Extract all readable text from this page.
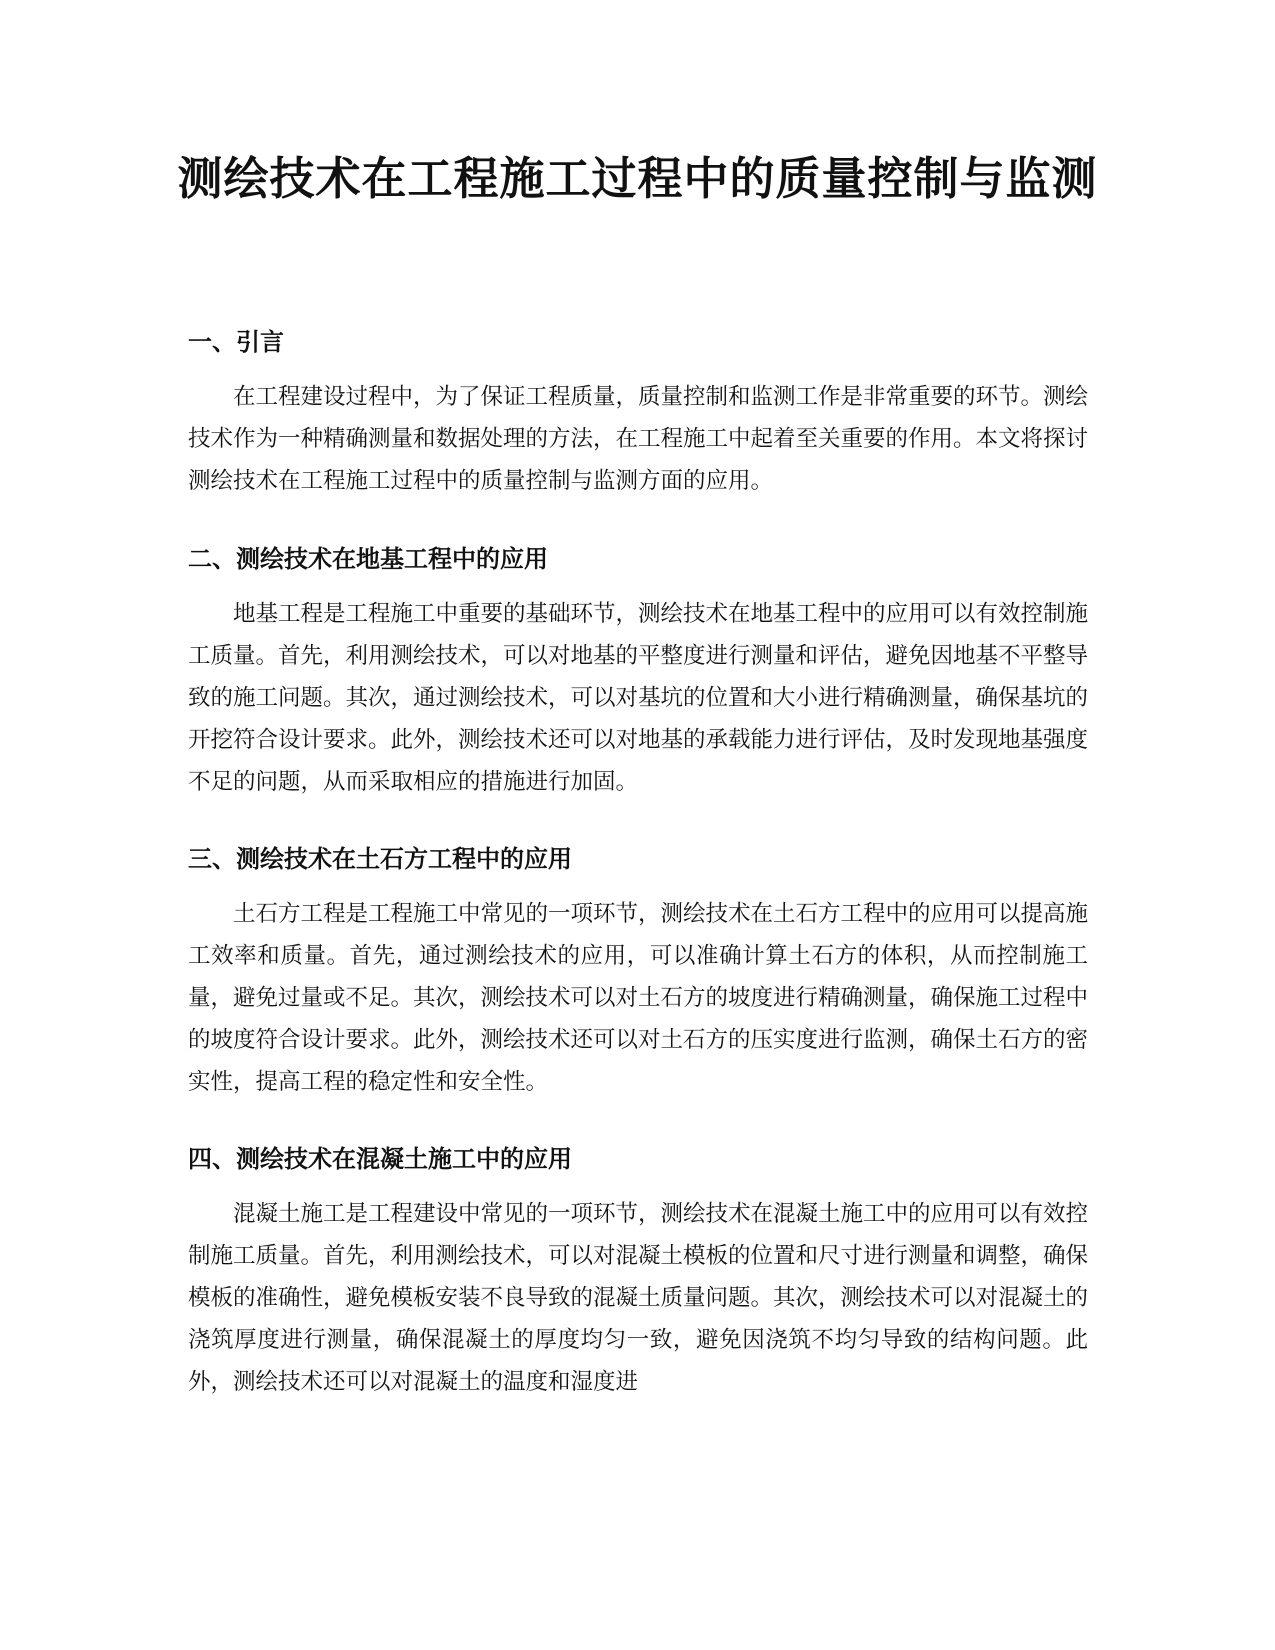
测绘技术在工程施工过程中的质量控制与监测
一、引言

在工程建设过程中，为了保证工程质量，质量控制和监测工作是非常重要的环节。测绘技术作为一种精确测量和数据处理的方法，在工程施工中起着至关重要的作用。本文将探讨测绘技术在工程施工过程中的质量控制与监测方面的应用。

二、测绘技术在地基工程中的应用

地基工程是工程施工中重要的基础环节，测绘技术在地基工程中的应用可以有效控制施工质量。首先，利用测绘技术，可以对地基的平整度进行测量和评估，避免因地基不平整导致的施工问题。其次，通过测绘技术，可以对基坑的位置和大小进行精确测量，确保基坑的开挖符合设计要求。此外，测绘技术还可以对地基的承载能力进行评估，及时发现地基强度不足的问题，从而采取相应的措施进行加固。

三、测绘技术在土石方工程中的应用

土石方工程是工程施工中常见的一项环节，测绘技术在土石方工程中的应用可以提高施工效率和质量。首先，通过测绘技术的应用，可以准确计算土石方的体积，从而控制施工量，避免过量或不足。其次，测绘技术可以对土石方的坡度进行精确测量，确保施工过程中的坡度符合设计要求。此外，测绘技术还可以对土石方的压实度进行监测，确保土石方的密实性，提高工程的稳定性和安全性。

四、测绘技术在混凝土施工中的应用

混凝土施工是工程建设中常见的一项环节，测绘技术在混凝土施工中的应用可以有效控制施工质量。首先，利用测绘技术，可以对混凝土模板的位置和尺寸进行测量和调整，确保模板的准确性，避免模板安装不良导致的混凝土质量问题。其次，测绘技术可以对混凝土的浇筑厚度进行测量，确保混凝土的厚度均匀一致，避免因浇筑不均匀导致的结构问题。此外，测绘技术还可以对混凝土的温度和湿度进
